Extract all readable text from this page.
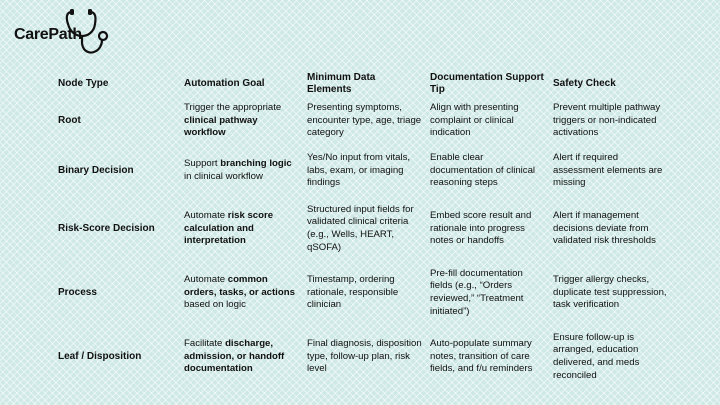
CarePath
Node Type	Automation Goal	Minimum Data Elements	Documentation Support Tip	Safety Check
Root	Trigger the appropriate clinical pathway workflow	Presenting symptoms, encounter type, age, triage category	Align with presenting complaint or clinical indication	Prevent multiple pathway triggers or non-indicated activations
Binary Decision	Support branching logic in clinical workflow	Yes/No input from vitals, labs, exam, or imaging findings	Enable clear documentation of clinical reasoning steps	Alert if required assessment elements are missing
Risk-Score Decision	Automate risk score calculation and interpretation	Structured input fields for validated clinical criteria (e.g., Wells, HEART, qSOFA)	Embed score result and rationale into progress notes or handoffs	Alert if management decisions deviate from validated risk thresholds
Process	Automate common orders, tasks, or actions based on logic	Timestamp, ordering rationale, responsible clinician	Pre-fill documentation fields (e.g., “Orders reviewed,” “Treatment initiated”)	Trigger allergy checks, duplicate test suppression, task verification
Leaf / Disposition	Facilitate discharge, admission, or handoff documentation	Final diagnosis, disposition type, follow-up plan, risk level	Auto-populate summary notes, transition of care fields, and f/u reminders	Ensure follow-up is arranged, education delivered, and meds reconciled
